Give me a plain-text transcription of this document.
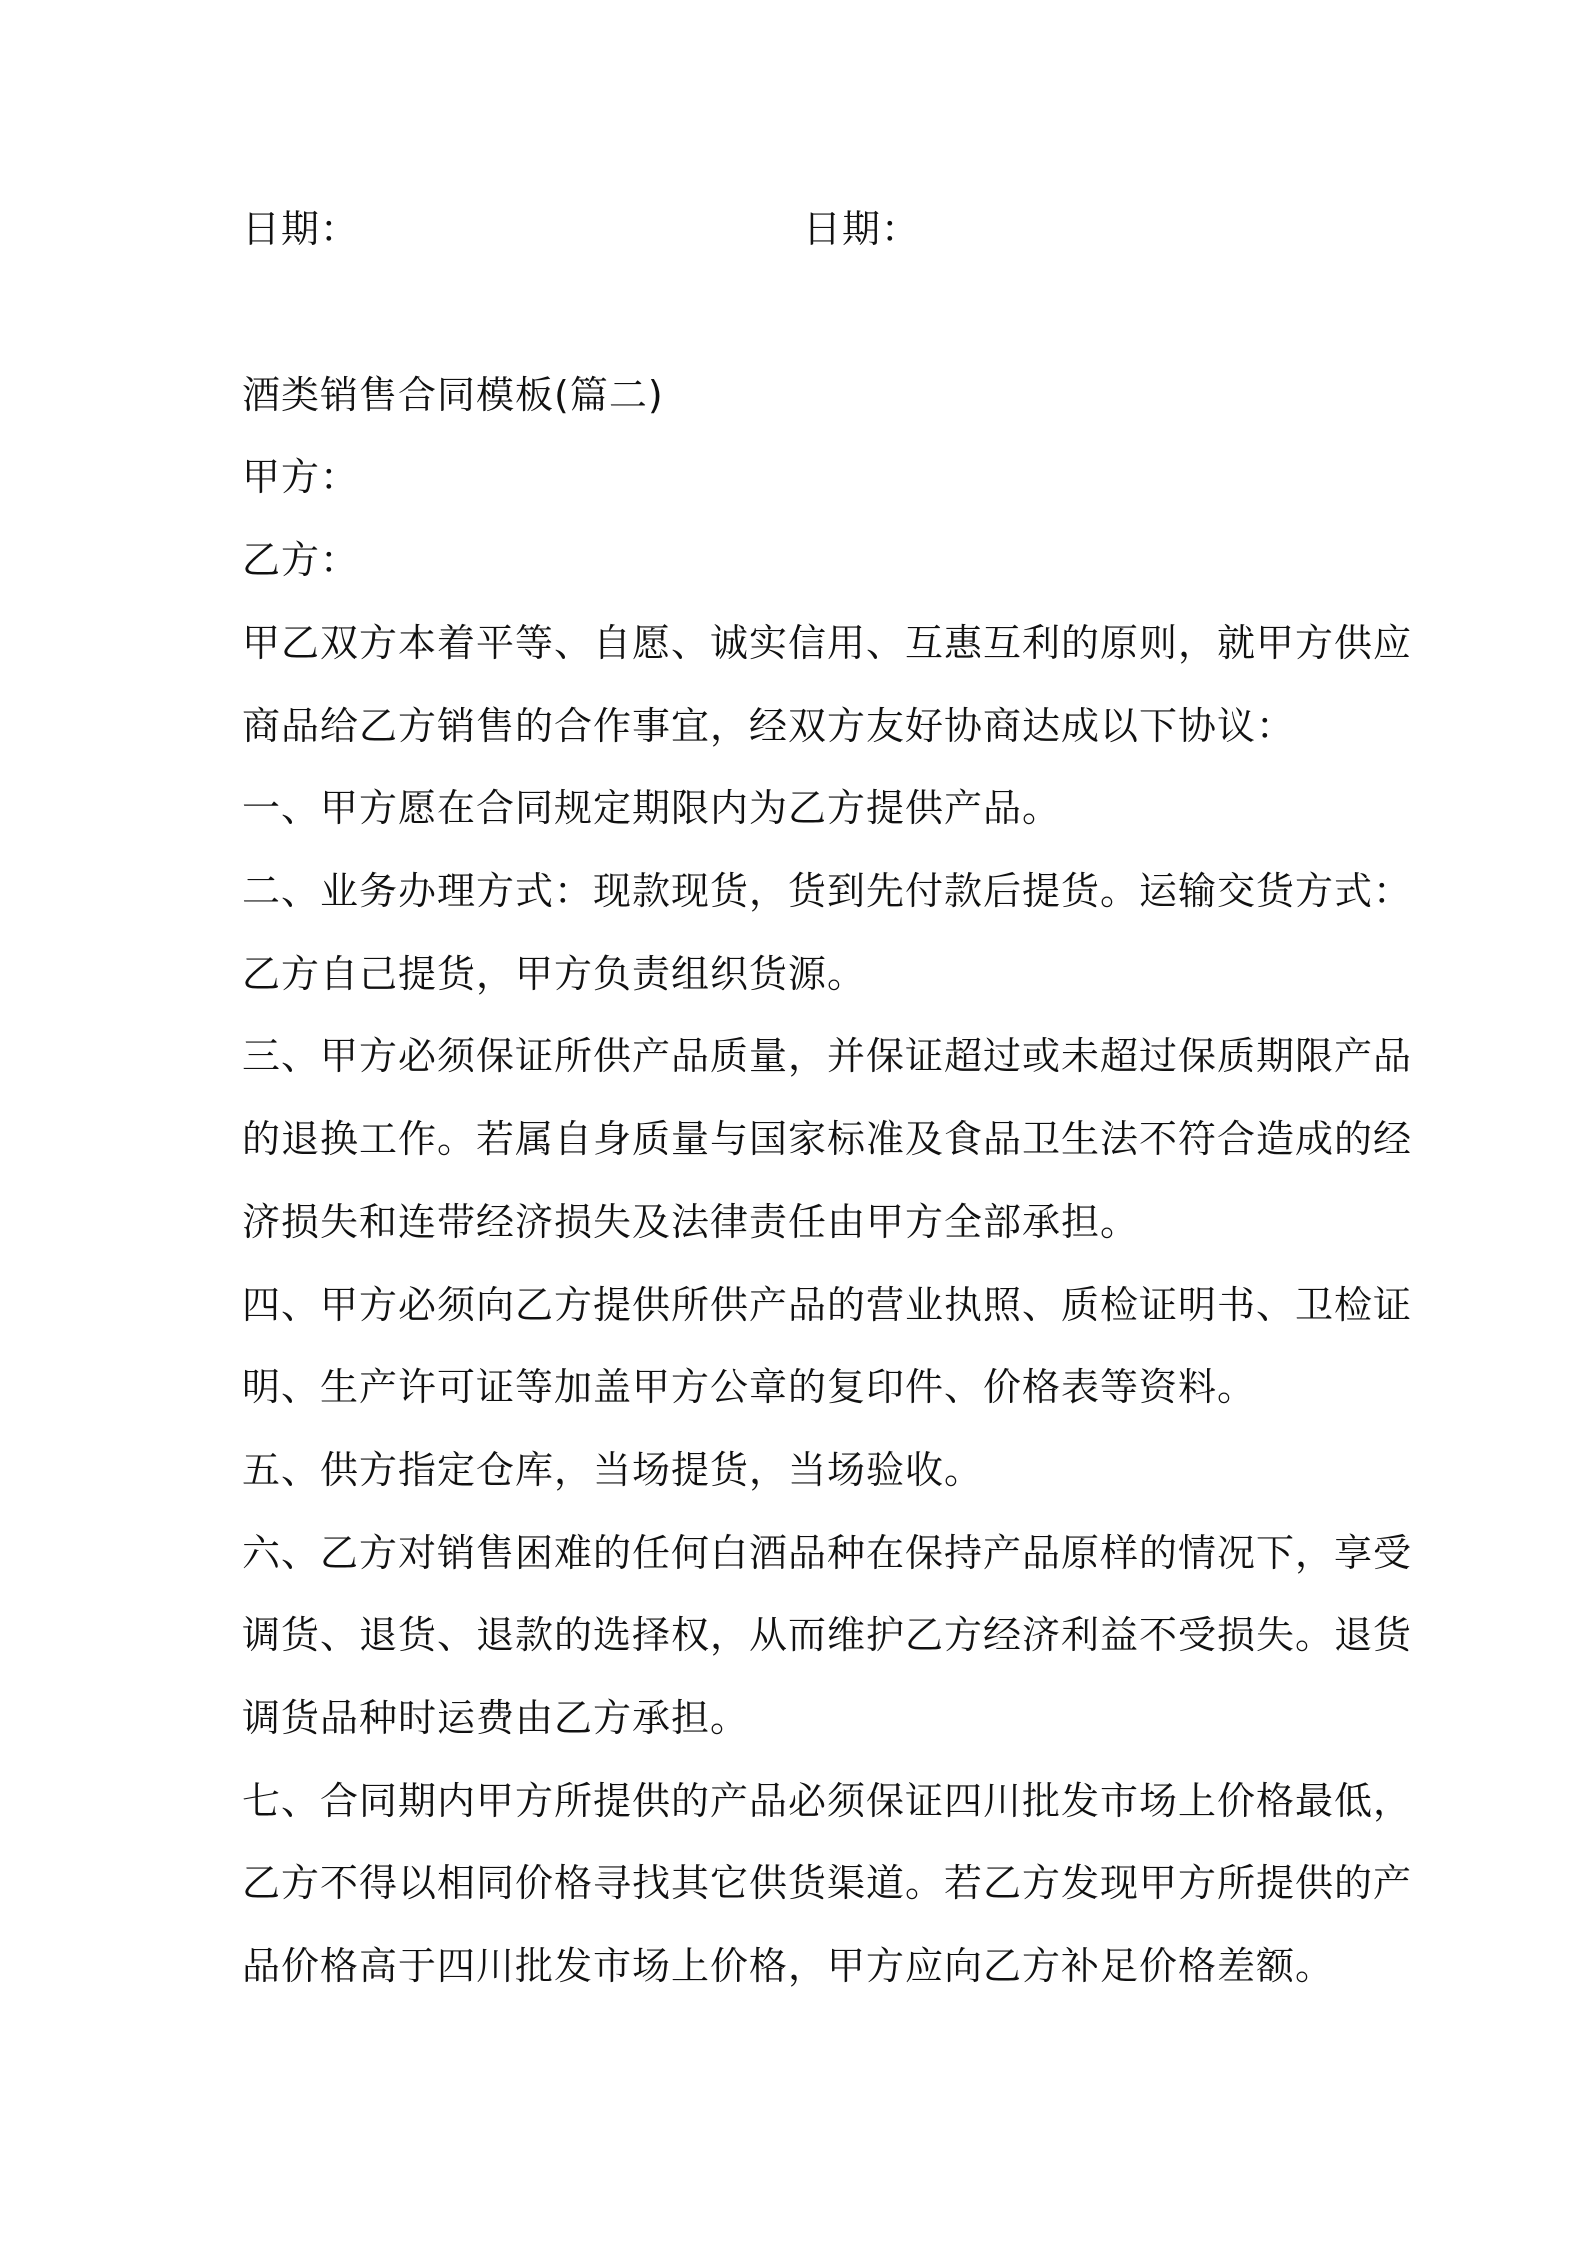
日期：	日期：
酒类销售合同模板(篇二)
甲方：
乙方：
甲乙双方本着平等、自愿、诚实信用、互惠互利的原则，就甲方供应
商品给乙方销售的合作事宜，经双方友好协商达成以下协议：
一、甲方愿在合同规定期限内为乙方提供产品。
二、业务办理方式：现款现货，货到先付款后提货。运输交货方式：
乙方自己提货，甲方负责组织货源。
三、甲方必须保证所供产品质量，并保证超过或未超过保质期限产品
的退换工作。若属自身质量与国家标准及食品卫生法不符合造成的经
济损失和连带经济损失及法律责任由甲方全部承担。
四、甲方必须向乙方提供所供产品的营业执照、质检证明书、卫检证
明、生产许可证等加盖甲方公章的复印件、价格表等资料。
五、供方指定仓库，当场提货，当场验收。
六、乙方对销售困难的任何白酒品种在保持产品原样的情况下，享受
调货、退货、退款的选择权，从而维护乙方经济利益不受损失。退货
调货品种时运费由乙方承担。
七、合同期内甲方所提供的产品必须保证四川批发市场上价格最低，
乙方不得以相同价格寻找其它供货渠道。若乙方发现甲方所提供的产
品价格高于四川批发市场上价格，甲方应向乙方补足价格差额。
